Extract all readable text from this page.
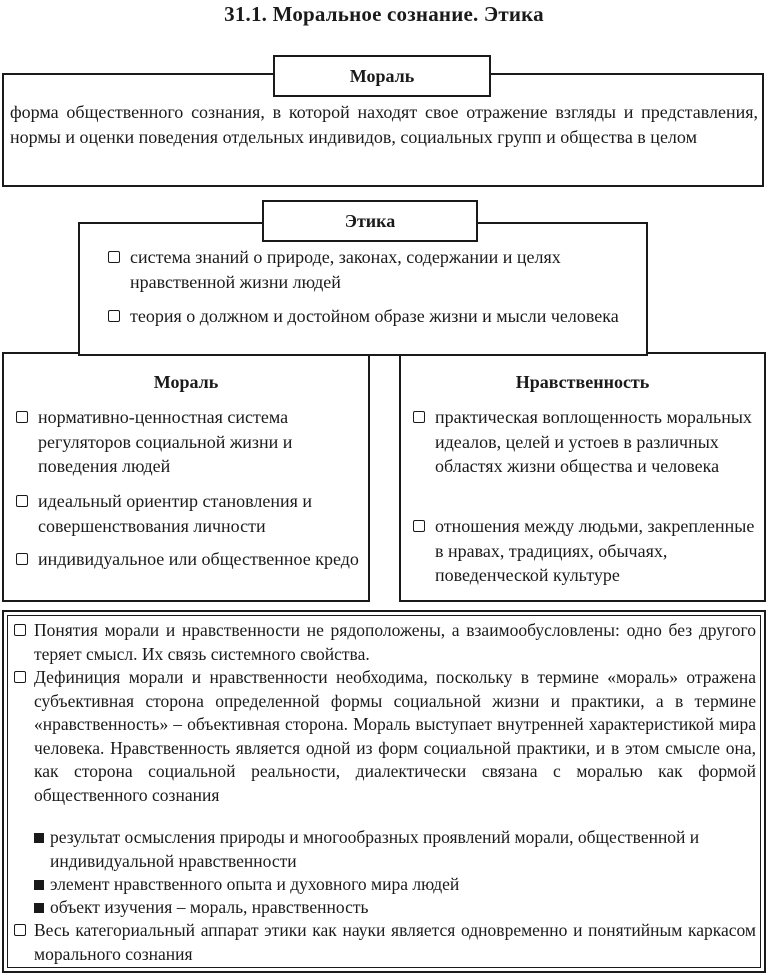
31.1. Моральное сознание. Этика
Мораль
форма общественного сознания, в которой находят свое отражение взгляды и представления, нормы и оценки поведения отдельных индивидов, социальных групп и общества в целом
Мораль
нормативно-ценностная система регуляторов социальной жизни и поведения людей
идеальный ориентир становления и совершенствования личности
индивидуальное или общественное кредо
Нравственность
практическая воплощенность моральных идеалов, целей и устоев в различных областях жизни общества и человека
отношения между людьми, закрепленные в нравах, традициях, обычаях, поведенческой культуре
Этика
система знаний о природе, законах, содержании и целях нравственной жизни людей
теория о должном и достойном образе жизни и мысли человека
Понятия морали и нравственности не рядоположены, а взаимообусловлены: одно без другого теряет смысл. Их связь системного свойства.
Дефиниция морали и нравственности необходима, поскольку в термине «мораль» отражена субъективная сторона определенной формы социальной жизни и практики, а в термине «нравственность» – объективная сторона. Мораль выступает внутренней характеристикой мира человека. Нравственность является одной из форм социальной практики, и в этом смысле она, как сторона социальной реальности, диалектически связана с моралью как формой общественного сознания
результат осмысления природы и многообразных проявлений морали, общественной и индивидуальной нравственности
элемент нравственного опыта и духовного мира людей
объект изучения – мораль, нравственность
Весь категориальный аппарат этики как науки является одновременно и понятийным каркасом морального сознания
